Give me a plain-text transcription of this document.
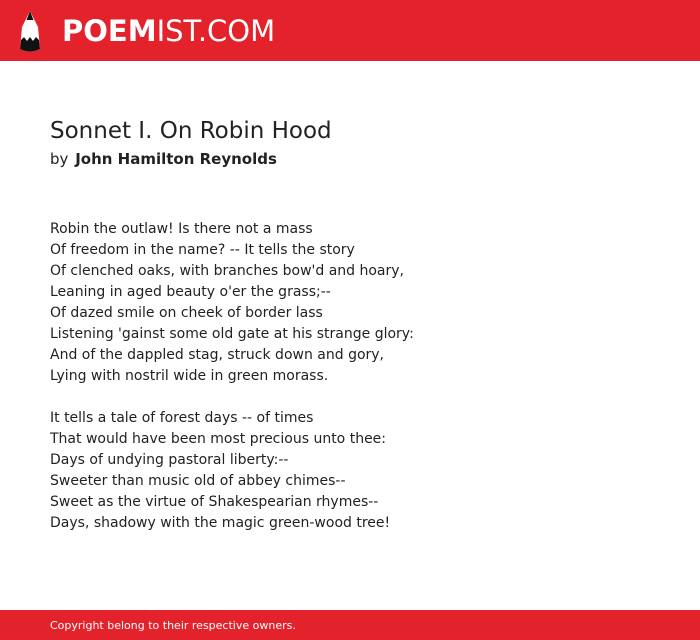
POEMIST.COM
Sonnet I. On Robin Hood
by John Hamilton Reynolds
Robin the outlaw! Is there not a mass
Of freedom in the name? -- It tells the story
Of clenched oaks, with branches bow'd and hoary,
Leaning in aged beauty o'er the grass;--
Of dazed smile on cheek of border lass
Listening 'gainst some old gate at his strange glory:
And of the dappled stag, struck down and gory,
Lying with nostril wide in green morass.
It tells a tale of forest days -- of times
That would have been most precious unto thee:
Days of undying pastoral liberty:--
Sweeter than music old of abbey chimes--
Sweet as the virtue of Shakespearian rhymes--
Days, shadowy with the magic green-wood tree!
Copyright belong to their respective owners.
